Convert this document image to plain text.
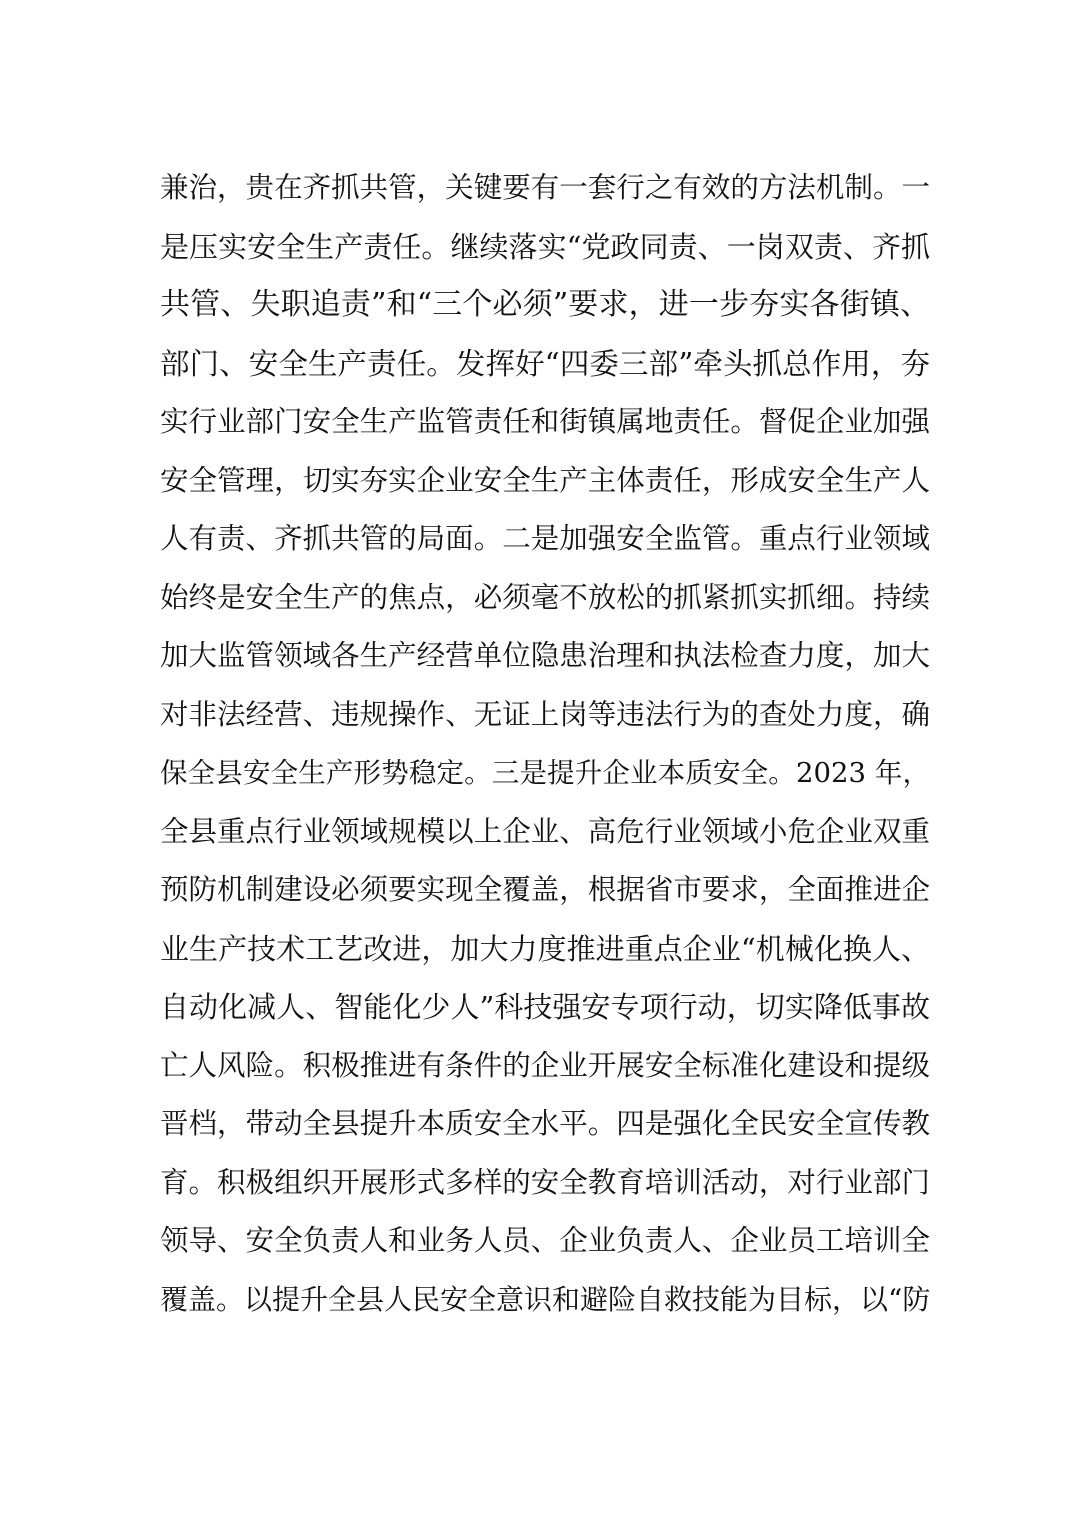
兼治，贵在齐抓共管，关键要有一套行之有效的方法机制。一
是压实安全生产责任。继续落实“党政同责、一岗双责、齐抓
共管、失职追责”和“三个必须”要求，进一步夯实各街镇、
部门、安全生产责任。发挥好“四委三部”牵头抓总作用，夯
实行业部门安全生产监管责任和街镇属地责任。督促企业加强
安全管理，切实夯实企业安全生产主体责任，形成安全生产人
人有责、齐抓共管的局面。二是加强安全监管。重点行业领域
始终是安全生产的焦点，必须毫不放松的抓紧抓实抓细。持续
加大监管领域各生产经营单位隐患治理和执法检查力度，加大
对非法经营、违规操作、无证上岗等违法行为的查处力度，确
保全县安全生产形势稳定。三是提升企业本质安全。2023 年，
全县重点行业领域规模以上企业、高危行业领域小危企业双重
预防机制建设必须要实现全覆盖，根据省市要求，全面推进企
业生产技术工艺改进，加大力度推进重点企业“机械化换人、
自动化减人、智能化少人”科技强安专项行动，切实降低事故
亡人风险。积极推进有条件的企业开展安全标准化建设和提级
晋档，带动全县提升本质安全水平。四是强化全民安全宣传教
育。积极组织开展形式多样的安全教育培训活动，对行业部门
领导、安全负责人和业务人员、企业负责人、企业员工培训全
覆盖。以提升全县人民安全意识和避险自救技能为目标，以“防
